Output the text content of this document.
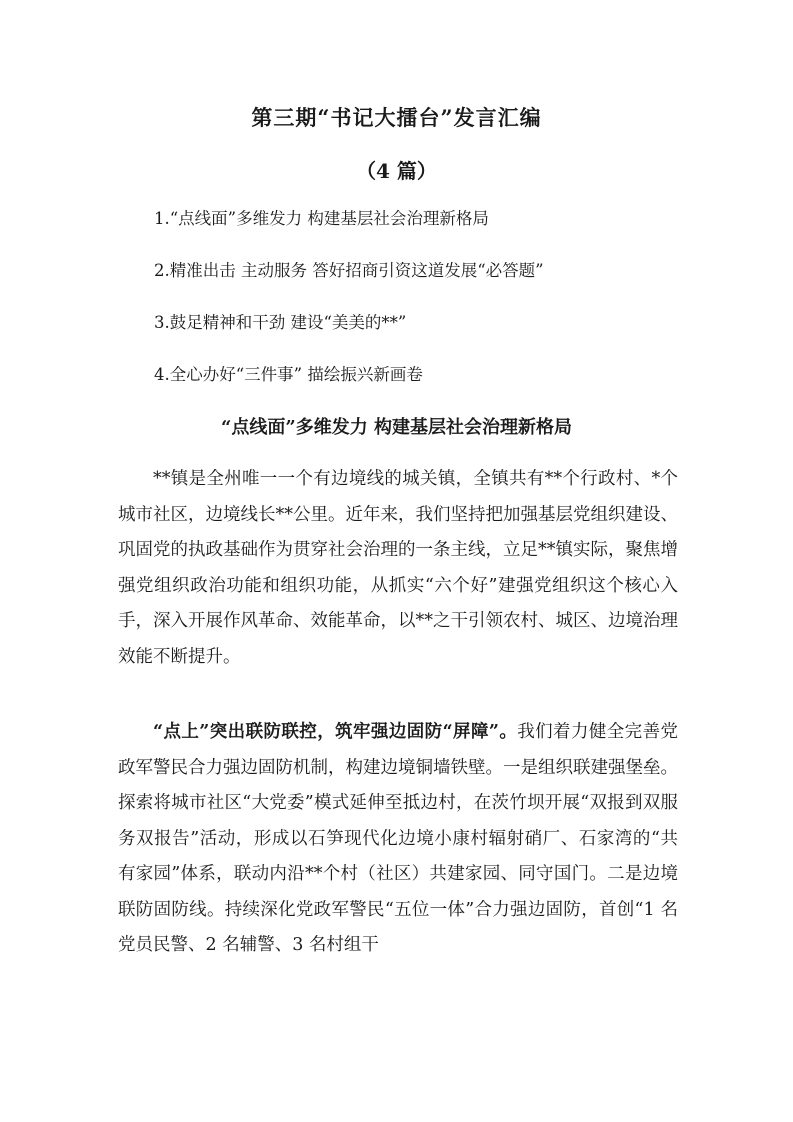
第三期“书记大擂台”发言汇编
（4 篇）
1.“点线面”多维发力 构建基层社会治理新格局
2.精准出击 主动服务 答好招商引资这道发展“必答题”
3.鼓足精神和干劲 建设“美美的**”
4.全心办好“三件事” 描绘振兴新画卷
“点线面”多维发力 构建基层社会治理新格局

**镇是全州唯一一个有边境线的城关镇，全镇共有**个行政村、*个城市社区，边境线长**公里。近年来，我们坚持把加强基层党组织建设、巩固党的执政基础作为贯穿社会治理的一条主线，立足**镇实际，聚焦增强党组织政治功能和组织功能，从抓实“六个好”建强党组织这个核心入手，深入开展作风革命、效能革命，以**之干引领农村、城区、边境治理效能不断提升。

“点上”突出联防联控，筑牢强边固防“屏障”。我们着力健全完善党政军警民合力强边固防机制，构建边境铜墙铁壁。一是组织联建强堡垒。探索将城市社区“大党委”模式延伸至抵边村，在茨竹坝开展“双报到双服务双报告”活动，形成以石笋现代化边境小康村辐射硝厂、石家湾的“共有家园”体系，联动内沿**个村（社区）共建家园、同守国门。二是边境联防固防线。持续深化党政军警民“五位一体”合力强边固防，首创“1 名党员民警、2 名辅警、3 名村组干
